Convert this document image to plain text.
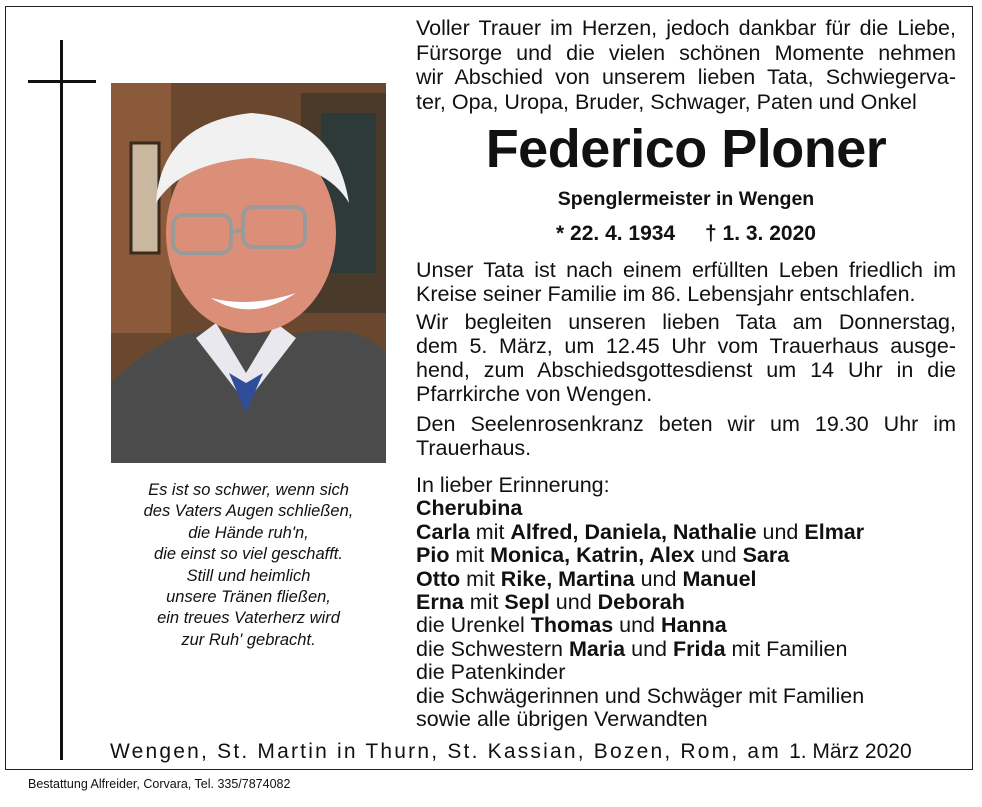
Es ist so schwer, wenn sich
des Vaters Augen schließen,
die Hände ruh'n,
die einst so viel geschafft.
Still und heimlich
unsere Tränen fließen,
ein treues Vaterherz wird
zur Ruh' gebracht.
Voller Trauer im Herzen, jedoch dankbar für die Liebe,
Fürsorge und die vielen schönen Momente nehmen
wir Abschied von unserem lieben Tata, Schwiegerva-
ter, Opa, Uropa, Bruder, Schwager, Paten und Onkel
Federico Ploner
Spenglermeister in Wengen
* 22. 4. 1934 † 1. 3. 2020
Unser Tata ist nach einem erfüllten Leben friedlich im
Kreise seiner Familie im 86. Lebensjahr entschlafen.
Wir begleiten unseren lieben Tata am Donnerstag,
dem 5. März, um 12.45 Uhr vom Trauerhaus ausge-
hend, zum Abschiedsgottesdienst um 14 Uhr in die
Pfarrkirche von Wengen.
Den Seelenrosenkranz beten wir um 19.30 Uhr im
Trauerhaus.
In lieber Erinnerung:
Cherubina
Carla mit Alfred, Daniela, Nathalie und Elmar
Pio mit Monica, Katrin, Alex und Sara
Otto mit Rike, Martina und Manuel
Erna mit Sepl und Deborah
die Urenkel Thomas und Hanna
die Schwestern Maria und Frida mit Familien
die Patenkinder
die Schwägerinnen und Schwäger mit Familien
sowie alle übrigen Verwandten
Wengen, St. Martin in Thurn, St. Kassian, Bozen, Rom, am 1. März 2020
Bestattung Alfreider, Corvara, Tel. 335/7874082
